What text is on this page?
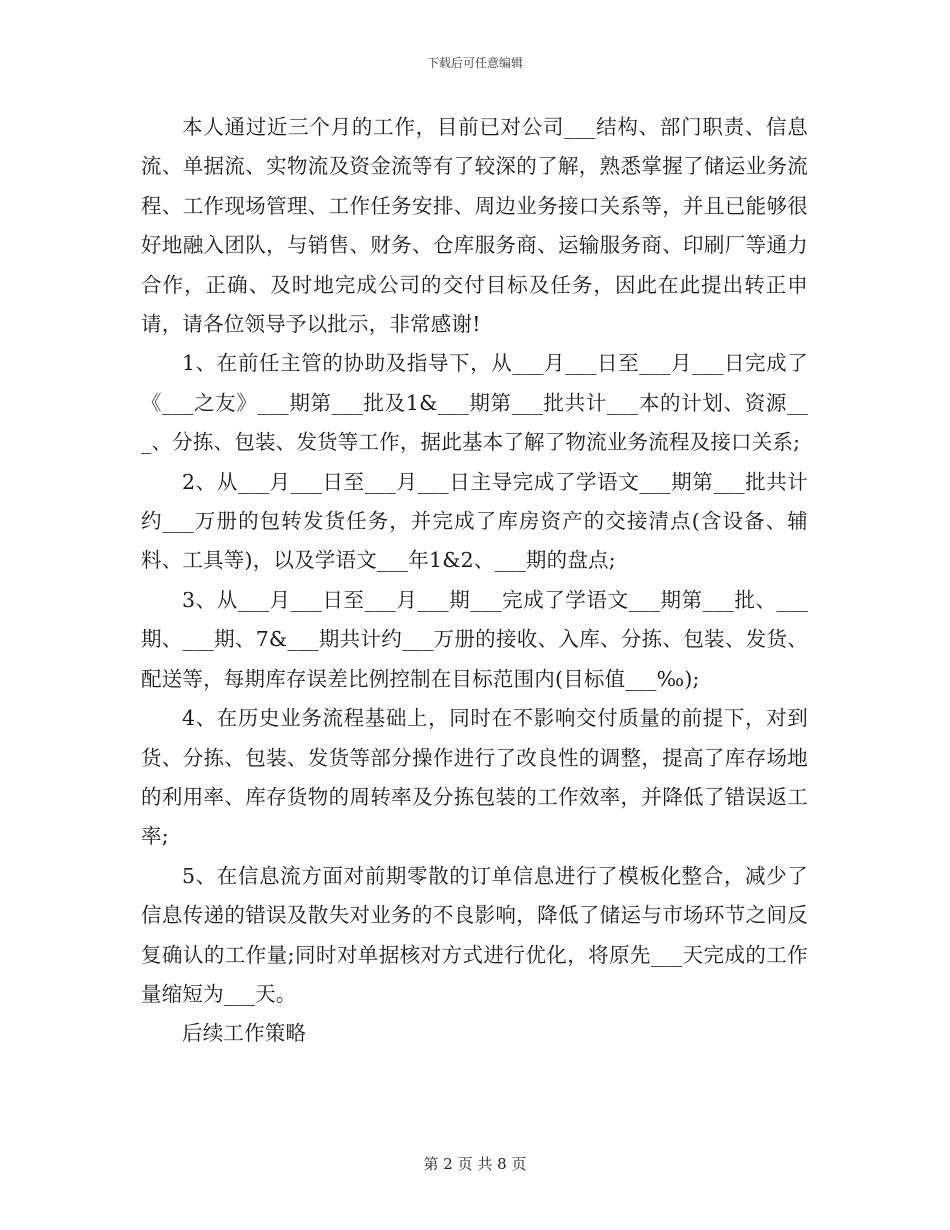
下载后可任意编辑

本人通过近三个月的工作，目前已对公司___结构、部门职责、信息流、单据流、实物流及资金流等有了较深的了解，熟悉掌握了储运业务流程、工作现场管理、工作任务安排、周边业务接口关系等，并且已能够很好地融入团队，与销售、财务、仓库服务商、运输服务商、印刷厂等通力合作，正确、及时地完成公司的交付目标及任务，因此在此提出转正申请，请各位领导予以批示，非常感谢!

1、在前任主管的协助及指导下，从___月___日至___月___日完成了《___之友》___期第___批及1&___期第___批共计___本的计划、资源___、分拣、包装、发货等工作，据此基本了解了物流业务流程及接口关系;

2、从___月___日至___月___日主导完成了学语文___期第___批共计约___万册的包转发货任务，并完成了库房资产的交接清点(含设备、辅料、工具等)，以及学语文___年1&2、___期的盘点;

3、从___月___日至___月___期___完成了学语文___期第___批、___期、___期、7&___期共计约___万册的接收、入库、分拣、包装、发货、配送等，每期库存误差比例控制在目标范围内(目标值___‰);

4、在历史业务流程基础上，同时在不影响交付质量的前提下，对到货、分拣、包装、发货等部分操作进行了改良性的调整，提高了库存场地的利用率、库存货物的周转率及分拣包装的工作效率，并降低了错误返工率;

5、在信息流方面对前期零散的订单信息进行了模板化整合，减少了信息传递的错误及散失对业务的不良影响，降低了储运与市场环节之间反复确认的工作量;同时对单据核对方式进行优化，将原先___天完成的工作量缩短为___天。

后续工作策略

第 2 页 共 8 页
